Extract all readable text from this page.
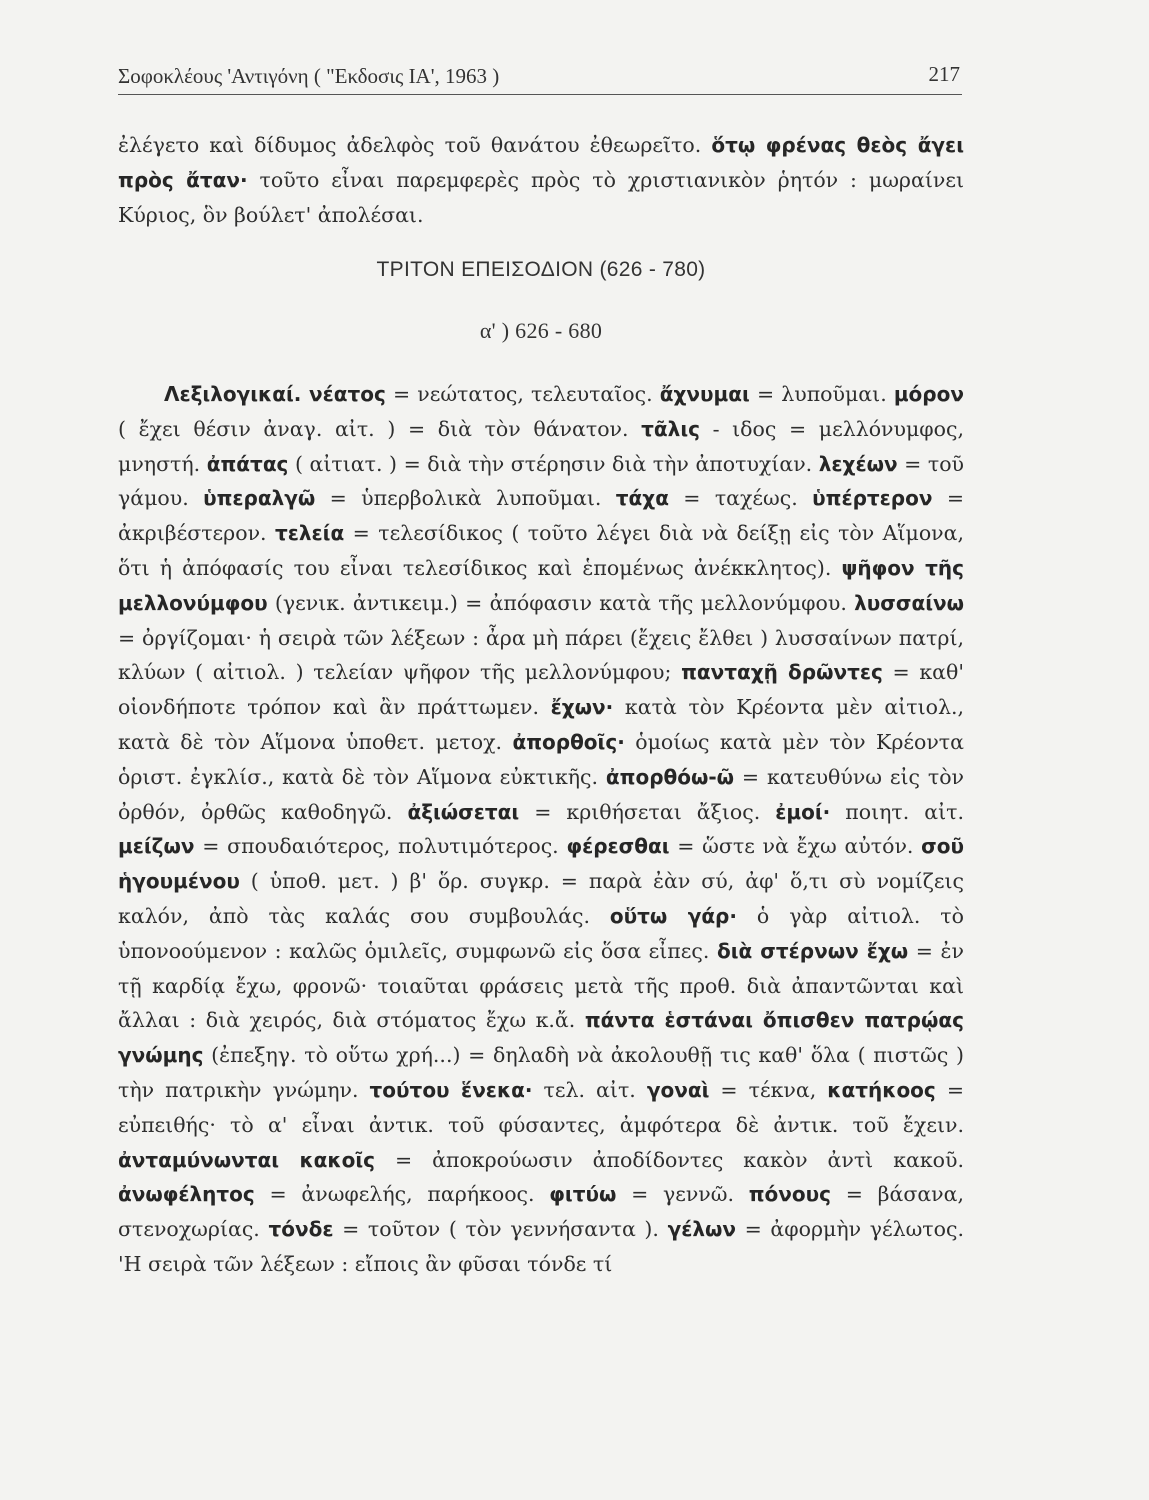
Σοφοκλέους 'Αντιγόνη ( "Εκδοσις ΙΑ', 1963 )	217

ἐλέγετο καὶ δίδυμος ἀδελφὸς τοῦ θανάτου ἐθεωρεῖτο. ὅτῳ φρένας θεὸς ἄγει πρὸς ἄταν· τοῦτο εἶναι παρεμφερὲς πρὸς τὸ χριστιανικὸν ῥητόν : μωραίνει Κύριος, ὃν βούλετ' ἀπολέσαι.

ΤΡΙΤΟΝ ΕΠΕΙΣΟΔΙΟΝ (626 - 780)
α' ) 626 - 680

Λεξιλογικαί. νέατος = νεώτατος, τελευταῖος. ἄχνυμαι = λυποῦμαι. μόρον ( ἔχει θέσιν ἀναγ. αἰτ. ) = διὰ τὸν θάνατον. τᾶλις - ιδος = μελλόνυμφος, μνηστή. ἀπάτας ( αἰτιατ. ) = διὰ τὴν στέρησιν διὰ τὴν ἀποτυχίαν. λεχέων = τοῦ γάμου. ὑπεραλγῶ = ὑπερβολικὰ λυποῦμαι. τάχα = ταχέως. ὑπέρτερον = ἀκριβέστερον. τελεία = τελεσίδικος ( τοῦτο λέγει διὰ νὰ δείξῃ εἰς τὸν Αἵμονα, ὅτι ἡ ἀπόφασίς του εἶναι τελεσίδικος καὶ ἑπομένως ἀνέκκλητος). ψῆφον τῆς μελλονύμφου (γενικ. ἀντικειμ.) = ἀπόφασιν κατὰ τῆς μελλονύμφου. λυσσαίνω = ὀργίζομαι· ἡ σειρὰ τῶν λέξεων : ἆρα μὴ πάρει (ἔχεις ἔλθει ) λυσσαίνων πατρί, κλύων ( αἰτιολ. ) τελείαν ψῆφον τῆς μελλονύμφου; πανταχῇ δρῶντες = καθ' οἱονδήποτε τρόπον καὶ ἂν πράττωμεν. ἔχων· κατὰ τὸν Κρέοντα μὲν αἰτιολ., κατὰ δὲ τὸν Αἵμονα ὑποθετ. μετοχ. ἀπορθοῖς· ὁμοίως κατὰ μὲν τὸν Κρέοντα ὁριστ. ἐγκλίσ., κατὰ δὲ τὸν Αἵμονα εὐκτικῆς. ἀπορθόω-ῶ = κατευθύνω εἰς τὸν ὀρθόν, ὀρθῶς καθοδηγῶ. ἀξιώσεται = κριθήσεται ἄξιος. ἐμοί· ποιητ. αἰτ. μείζων = σπουδαιότερος, πολυτιμότερος. φέρεσθαι = ὥστε νὰ ἔχω αὐτόν. σοῦ ἡγουμένου ( ὑποθ. μετ. ) β' ὅρ. συγκρ. = παρὰ ἐὰν σύ, ἀφ' ὅ,τι σὺ νομίζεις καλόν, ἀπὸ τὰς καλάς σου συμβουλάς. οὕτω γάρ· ὁ γὰρ αἰτιολ. τὸ ὑπονοούμενον : καλῶς ὁμιλεῖς, συμφωνῶ εἰς ὅσα εἶπες. διὰ στέρνων ἔχω = ἐν τῇ καρδίᾳ ἔχω, φρονῶ· τοιαῦται φράσεις μετὰ τῆς προθ. διὰ ἀπαντῶνται καὶ ἄλλαι : διὰ χειρός, διὰ στόματος ἔχω κ.ἄ. πάντα ἑστάναι ὄπισθεν πατρῴας γνώμης (ἐπεξηγ. τὸ οὕτω χρή...) = δηλαδὴ νὰ ἀκολουθῇ τις καθ' ὅλα ( πιστῶς ) τὴν πατρικὴν γνώμην. τούτου ἕνεκα· τελ. αἰτ. γοναὶ = τέκνα, κατήκοος = εὐπειθής· τὸ α' εἶναι ἀντικ. τοῦ φύσαντες, ἀμφότερα δὲ ἀντικ. τοῦ ἔχειν. ἀνταμύνωνται κακοῖς = ἀποκρούωσιν ἀποδίδοντες κακὸν ἀντὶ κακοῦ. ἀνωφέλητος = ἀνωφελής, παρήκοος. φιτύω = γεννῶ. πόνους = βάσανα, στενοχωρίας. τόνδε = τοῦτον ( τὸν γεννήσαντα ). γέλων = ἀφορμὴν γέλωτος. 'Η σειρὰ τῶν λέξεων : εἴποις ἂν φῦσαι τόνδε τί
